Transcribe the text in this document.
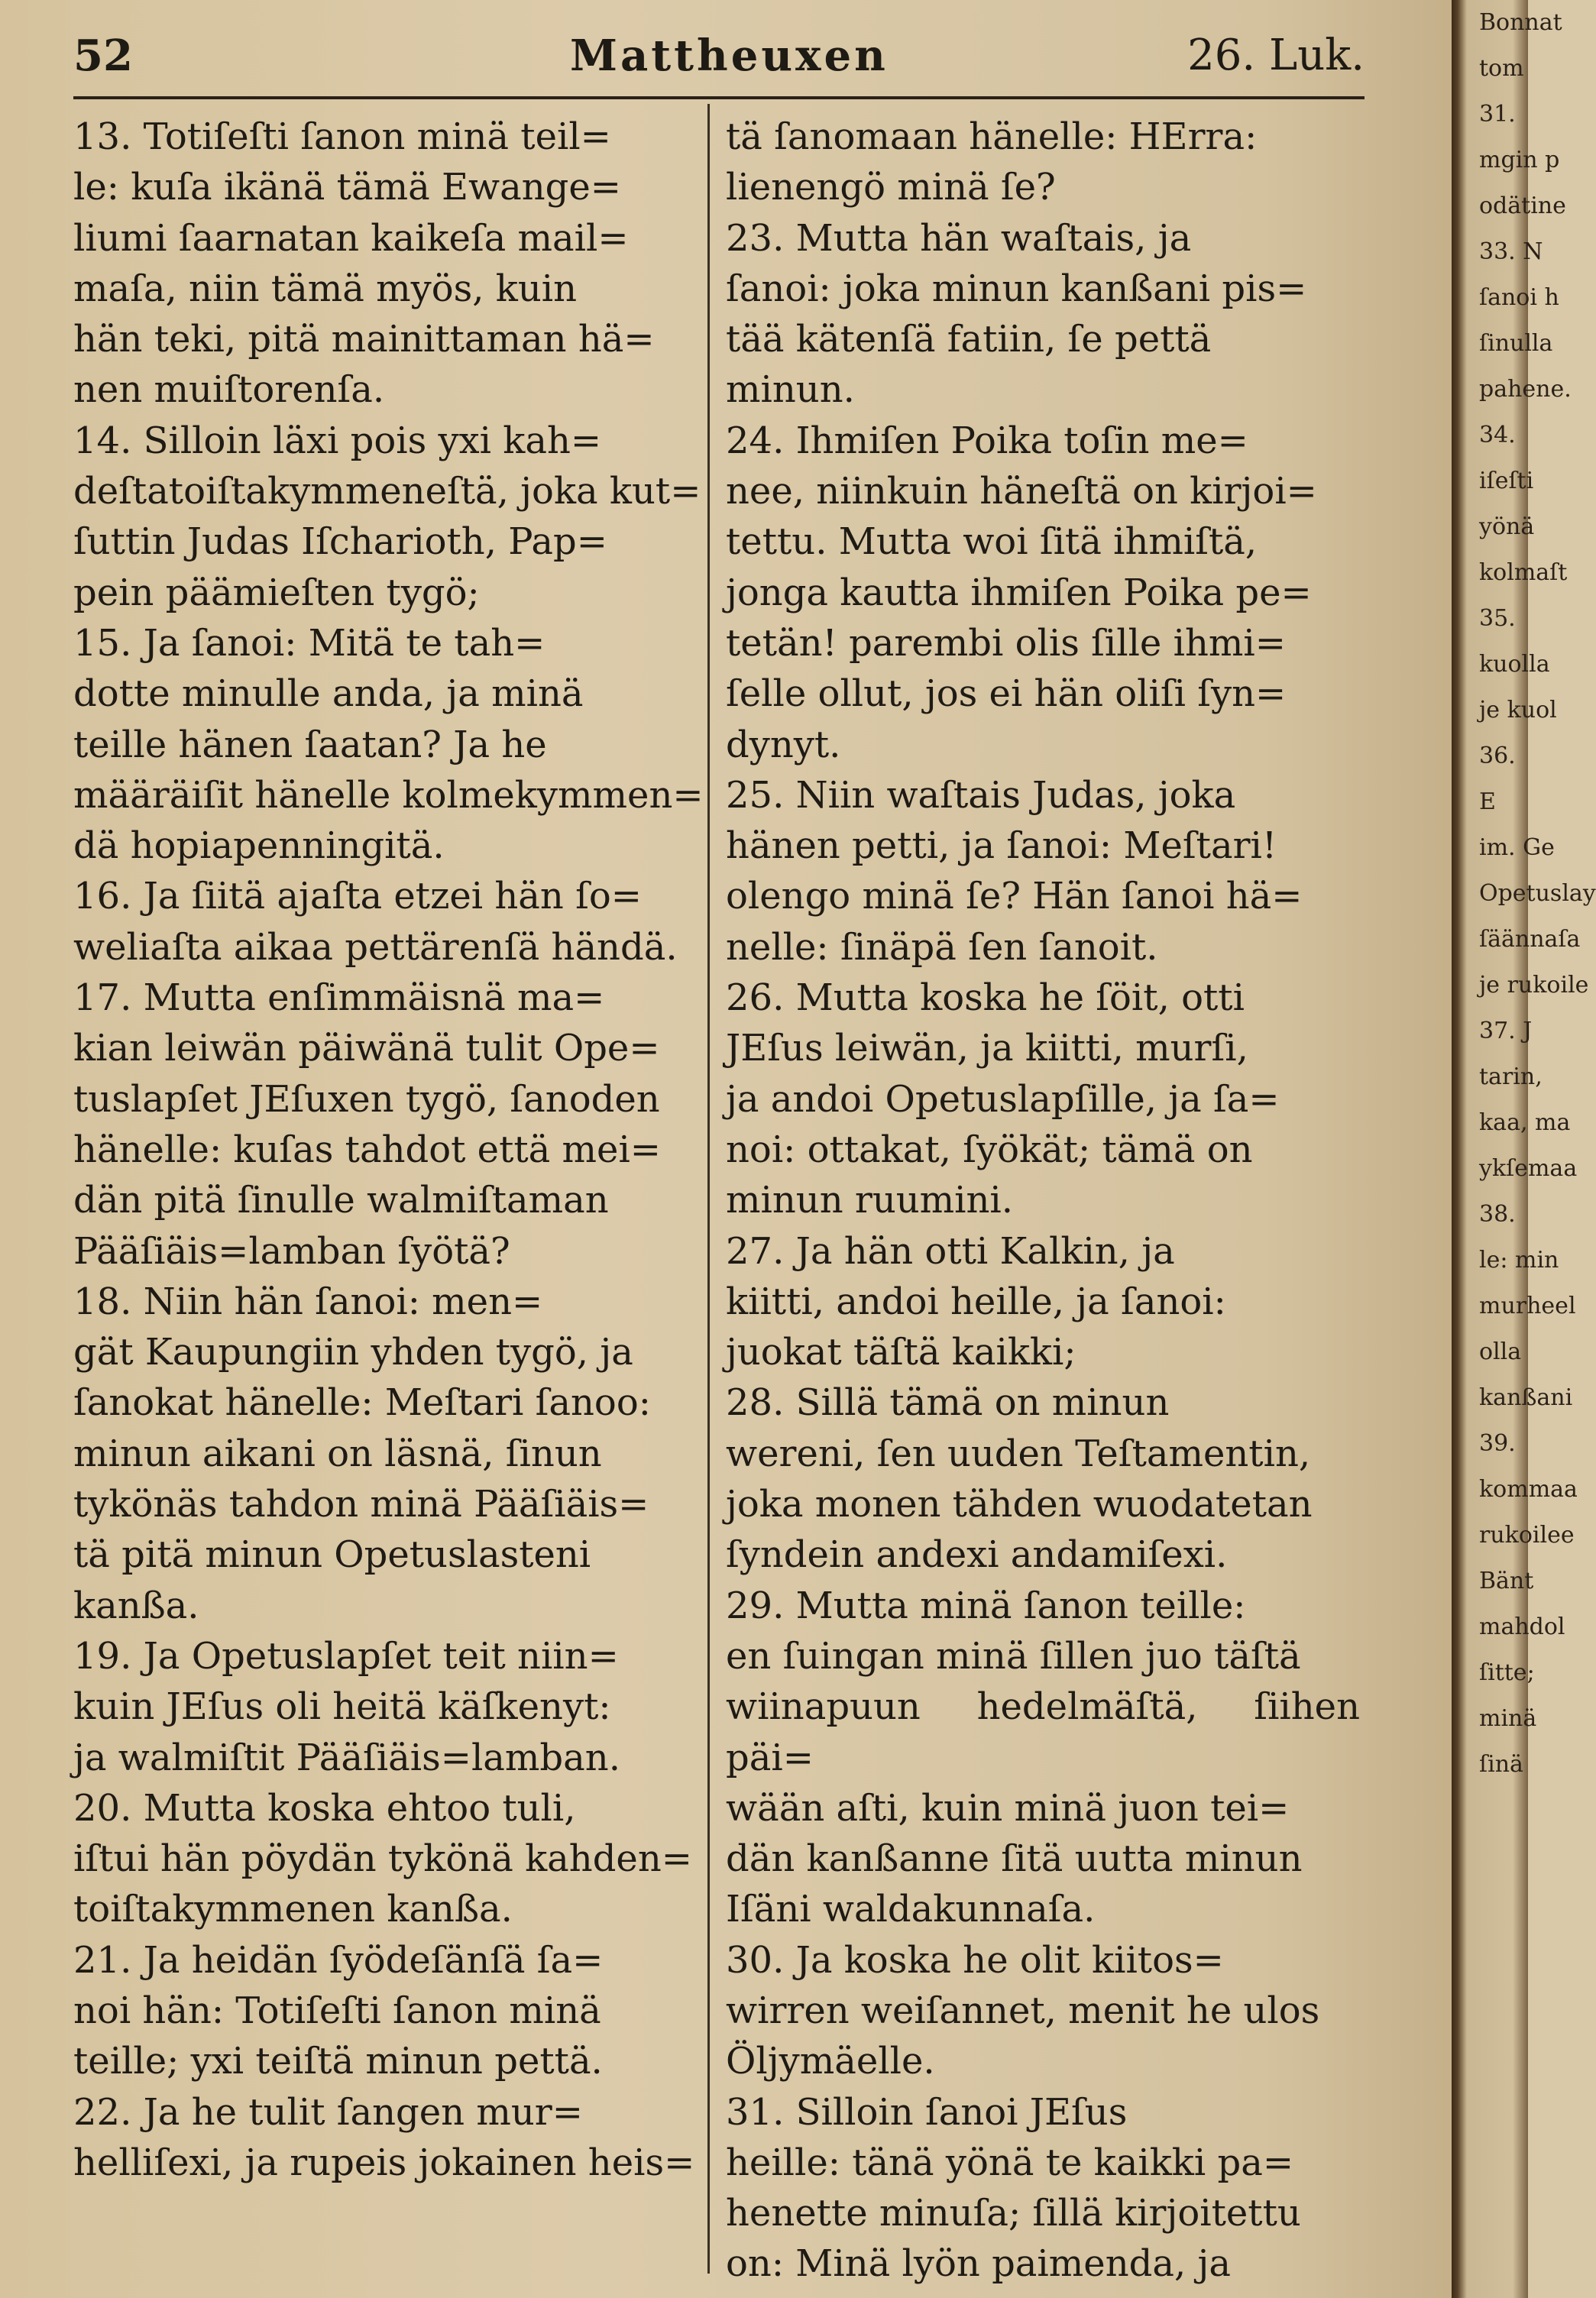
52	Mattheuxen	26. Luk.

13. Totiſeſti ſanon minä teil=

le: kuſa ikänä tämä Ewange=

liumi ſaarnatan kaikeſa mail=

maſa, niin tämä myös, kuin

hän teki, pitä mainittaman hä=

nen muiſtorenſa.

14. Silloin läxi pois yxi kah=

deſtatoiſtakymmeneſtä, joka kut=

ſuttin Judas Iſcharioth, Pap=

pein päämieſten tygö;

15. Ja ſanoi: Mitä te tah=

dotte minulle anda, ja minä

teille hänen ſaatan? Ja he

määräiſit hänelle kolmekymmen=

dä hopiapenningitä.

16. Ja ſiitä ajaſta etzei hän ſo=

weliaſta aikaa pettärenſä händä.

17. Mutta enſimmäisnä ma=

kian leiwän päiwänä tulit Ope=

tuslapſet JEſuxen tygö, ſanoden

hänelle: kuſas tahdot että mei=

dän pitä ſinulle walmiſtaman

Pääſiäis=lamban ſyötä?

18. Niin hän ſanoi: men=

gät Kaupungiin yhden tygö, ja

ſanokat hänelle: Meſtari ſanoo:

minun aikani on läsnä, ſinun

tykönäs tahdon minä Pääſiäis=

tä pitä minun Opetuslasteni

kanßa.

19. Ja Opetuslapſet teit niin=

kuin JEſus oli heitä käſkenyt:

ja walmiſtit Pääſiäis=lamban.

20. Mutta koska ehtoo tuli,

iſtui hän pöydän tykönä kahden=

toiſtakymmenen kanßa.

21. Ja heidän ſyödeſänſä ſa=

noi hän: Totiſeſti ſanon minä

teille; yxi teiſtä minun pettä.

22. Ja he tulit ſangen mur=

helliſexi, ja rupeis jokainen heis=

tä ſanomaan hänelle: HErra:

lienengö minä ſe?

23. Mutta hän waſtais, ja

ſanoi: joka minun kanßani pis=

tää kätenſä fatiin, ſe pettä

minun.

24. Ihmiſen Poika toſin me=

nee, niinkuin häneſtä on kirjoi=

tettu. Mutta woi ſitä ihmiſtä,

jonga kautta ihmiſen Poika pe=

tetän! parembi olis ſille ihmi=

ſelle ollut, jos ei hän oliſi ſyn=

dynyt.

25. Niin waſtais Judas, joka

hänen petti, ja ſanoi: Meſtari!

olengo minä ſe? Hän ſanoi hä=

nelle: ſinäpä ſen ſanoit.

26. Mutta koska he ſöit, otti

JEſus leiwän, ja kiitti, murſi,

ja andoi Opetuslapſille, ja ſa=

noi: ottakat, ſyökät; tämä on

minun ruumini.

27. Ja hän otti Kalkin, ja

kiitti, andoi heille, ja ſanoi:

juokat täſtä kaikki;

28. Sillä tämä on minun

wereni, ſen uuden Teſtamentin,

joka monen tähden wuodatetan

ſyndein andexi andamiſexi.

29. Mutta minä ſanon teille:

en ſuingan minä ſillen juo täſtä

wiinapuun hedelmäſtä, ſiihen päi=

wään aſti, kuin minä juon tei=

dän kanßanne ſitä uutta minun

Iſäni waldakunnaſa.

30. Ja koska he olit kiitos=

wirren weiſannet, menit he ulos

Öljymäelle.

31. Silloin ſanoi JEſus

heille: tänä yönä te kaikki pa=

henette minuſa; ſillä kirjoitettu

on: Minä lyön paimenda, ja

Bonnat
tom
31.
mgin p
odätine
33. N
ſanoi h
ſinulla
pahene.
34.
iſeſti
yönä
kolmaſt
35.
kuolla
je kuol
36.
E
im. Ge
Opetuslay
ſäännaſa
je rukoile
37. J
tarin,
kaa, ma
ykſemaa
38.
le: min
murheel
olla
kanßani
39.
kommaa
rukoilee
Bänt
mahdol
ſitte;
minä
ſinä
